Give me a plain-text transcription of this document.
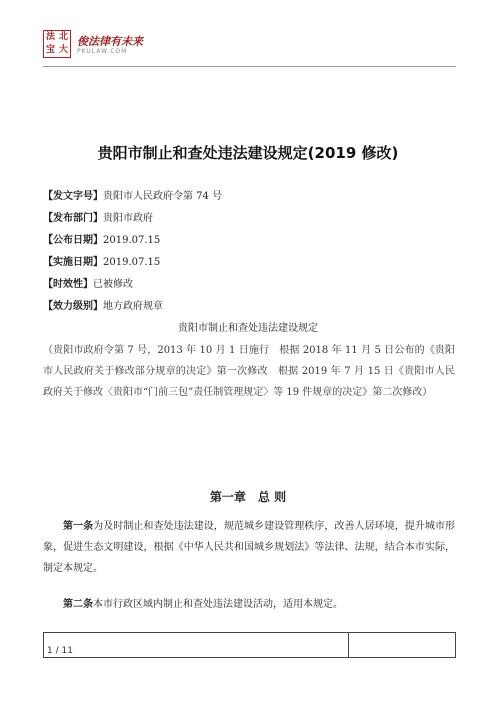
法 北
宝 大
俊法律有未来
PKULAW.COM
贵阳市制止和查处违法建设规定(2019 修改)
【发文字号】贵阳市人民政府令第 74 号
【发布部门】贵阳市政府
【公布日期】2019.07.15
【实施日期】2019.07.15
【时效性】已被修改
【效力级别】地方政府规章
贵阳市制止和查处违法建设规定
（贵阳市政府令第 7 号，2013 年 10 月 1 日施行　根据 2018 年 11 月 5 日公布的《贵阳市人民政府关于修改部分规章的决定》第一次修改　根据 2019 年 7 月 15 日《贵阳市人民政府关于修改〈贵阳市“门前三包”责任制管理规定〉等 19 件规章的决定》第二次修改）
第一章　总 则
第一条为及时制止和查处违法建设，规范城乡建设管理秩序，改善人居环境，提升城市形象，促进生态文明建设，根据《中华人民共和国城乡规划法》等法律、法规，结合本市实际，制定本规定。
第二条本市行政区域内制止和查处违法建设活动，适用本规定。
1 / 11
